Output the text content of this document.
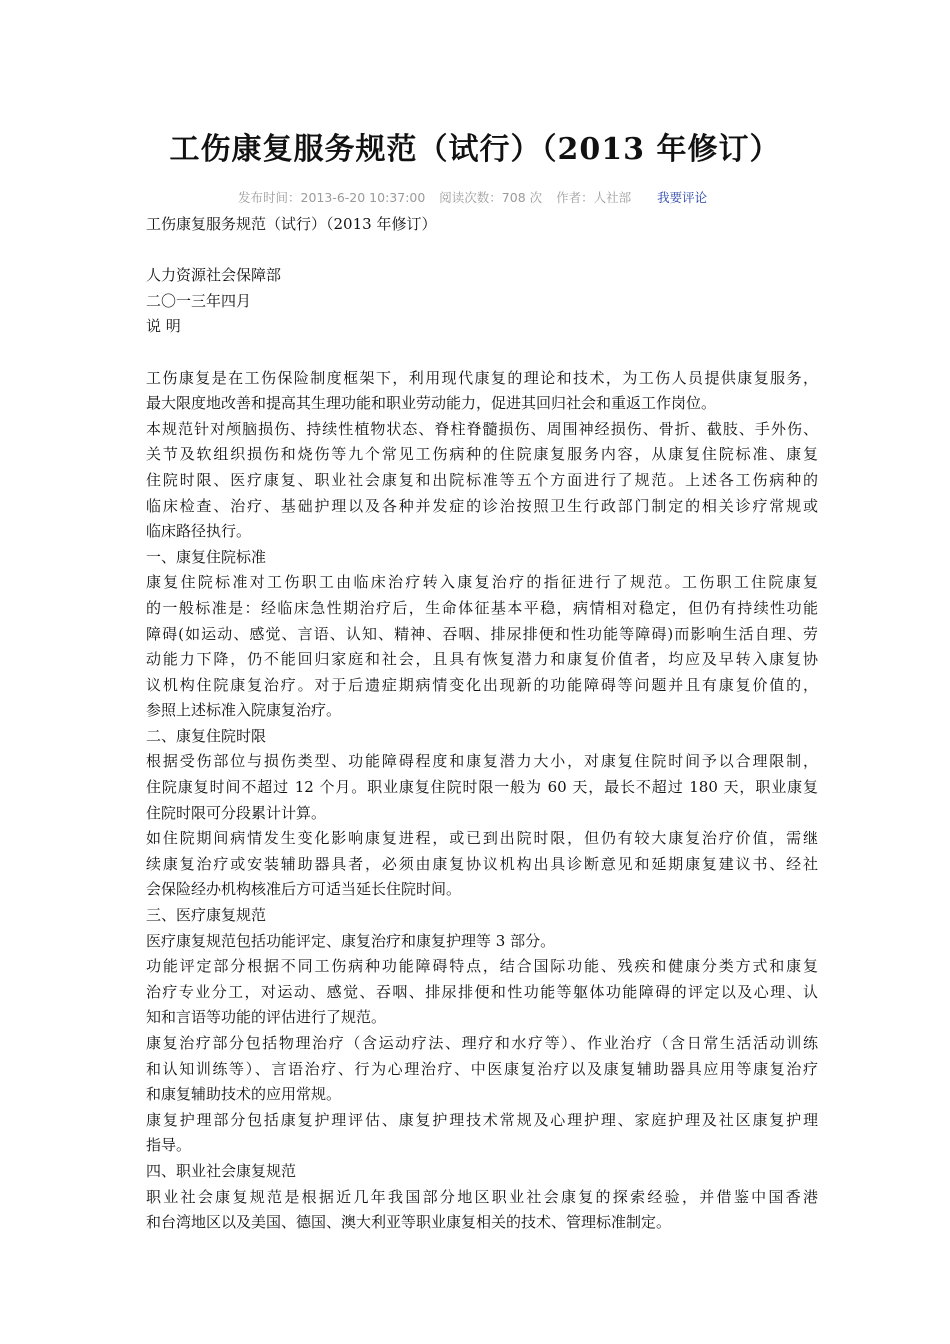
工伤康复服务规范（试行）（2013 年修订）
发布时间：2013-6-20 10:37:00 阅读次数：708 次 作者：人社部 我要评论
工伤康复服务规范（试行）（2013 年修订）
人力资源社会保障部
二〇一三年四月
说 明
工伤康复是在工伤保险制度框架下，利用现代康复的理论和技术，为工伤人员提供康复服务，
最大限度地改善和提高其生理功能和职业劳动能力，促进其回归社会和重返工作岗位。
本规范针对颅脑损伤、持续性植物状态、脊柱脊髓损伤、周围神经损伤、骨折、截肢、手外伤、
关节及软组织损伤和烧伤等九个常见工伤病种的住院康复服务内容，从康复住院标准、康复
住院时限、医疗康复、职业社会康复和出院标准等五个方面进行了规范。上述各工伤病种的
临床检查、治疗、基础护理以及各种并发症的诊治按照卫生行政部门制定的相关诊疗常规或
临床路径执行。
一、康复住院标准
康复住院标准对工伤职工由临床治疗转入康复治疗的指征进行了规范。工伤职工住院康复
的一般标准是：经临床急性期治疗后，生命体征基本平稳，病情相对稳定，但仍有持续性功能
障碍(如运动、感觉、言语、认知、精神、吞咽、排尿排便和性功能等障碍)而影响生活自理、劳
动能力下降，仍不能回归家庭和社会，且具有恢复潜力和康复价值者，均应及早转入康复协
议机构住院康复治疗。对于后遗症期病情变化出现新的功能障碍等问题并且有康复价值的，
参照上述标准入院康复治疗。
二、康复住院时限
根据受伤部位与损伤类型、功能障碍程度和康复潜力大小，对康复住院时间予以合理限制，
住院康复时间不超过 12 个月。职业康复住院时限一般为 60 天，最长不超过 180 天，职业康复
住院时限可分段累计计算。
如住院期间病情发生变化影响康复进程，或已到出院时限，但仍有较大康复治疗价值，需继
续康复治疗或安装辅助器具者，必须由康复协议机构出具诊断意见和延期康复建议书、经社
会保险经办机构核准后方可适当延长住院时间。
三、医疗康复规范
医疗康复规范包括功能评定、康复治疗和康复护理等 3 部分。
功能评定部分根据不同工伤病种功能障碍特点，结合国际功能、残疾和健康分类方式和康复
治疗专业分工，对运动、感觉、吞咽、排尿排便和性功能等躯体功能障碍的评定以及心理、认
知和言语等功能的评估进行了规范。
康复治疗部分包括物理治疗（含运动疗法、理疗和水疗等）、作业治疗（含日常生活活动训练
和认知训练等）、言语治疗、行为心理治疗、中医康复治疗以及康复辅助器具应用等康复治疗
和康复辅助技术的应用常规。
康复护理部分包括康复护理评估、康复护理技术常规及心理护理、家庭护理及社区康复护理
指导。
四、职业社会康复规范
职业社会康复规范是根据近几年我国部分地区职业社会康复的探索经验，并借鉴中国香港
和台湾地区以及美国、德国、澳大利亚等职业康复相关的技术、管理标准制定。
